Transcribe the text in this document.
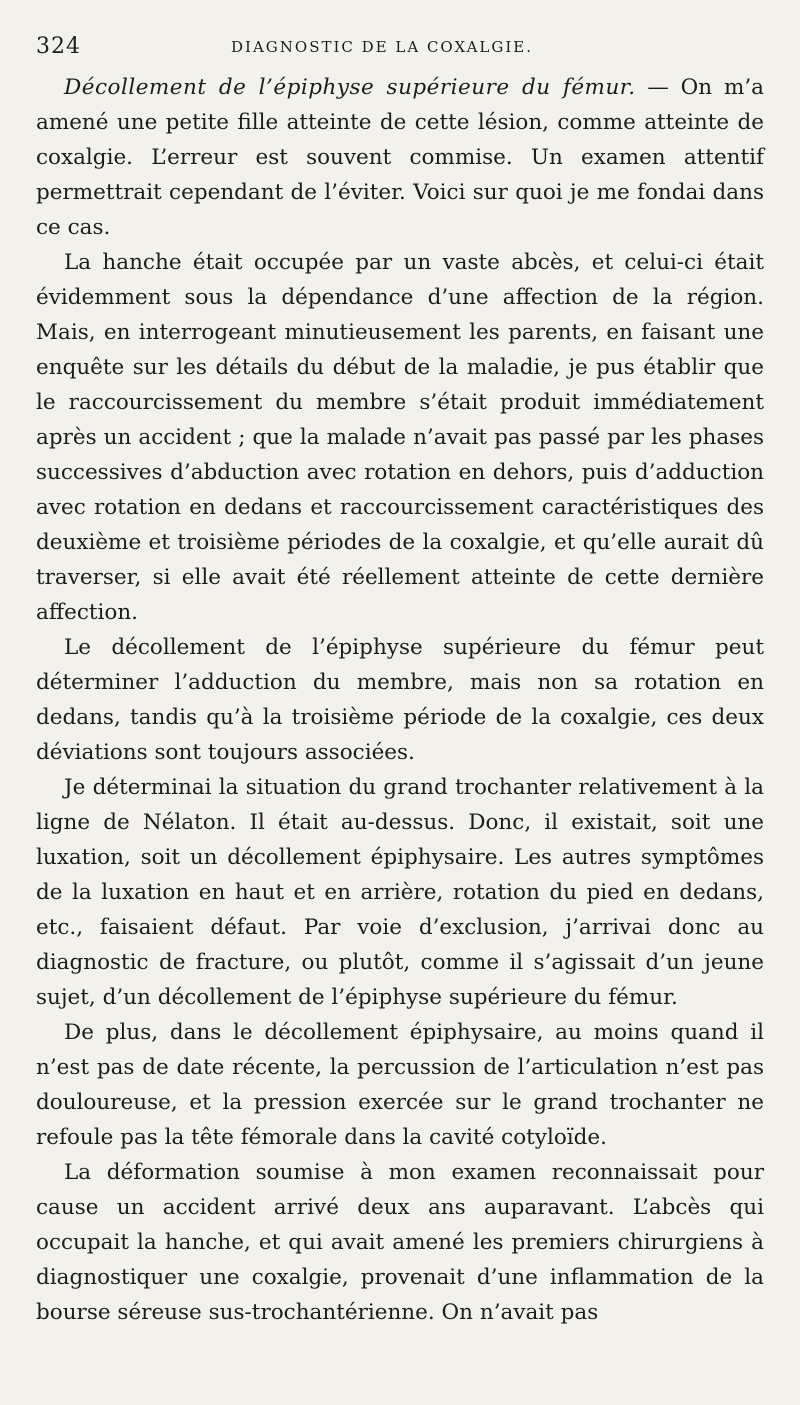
324	DIAGNOSTIC DE LA COXALGIE.

Décollement de l’épiphyse supérieure du fémur. — On m’a amené une petite fille atteinte de cette lésion, comme atteinte de coxalgie. L’erreur est souvent commise. Un examen attentif permettrait cependant de l’éviter. Voici sur quoi je me fondai dans ce cas.

La hanche était occupée par un vaste abcès, et celui-ci était évidemment sous la dépendance d’une affection de la région. Mais, en interrogeant minutieusement les parents, en faisant une enquête sur les détails du début de la maladie, je pus établir que le raccourcissement du membre s’était produit immédiatement après un accident ; que la malade n’avait pas passé par les phases successives d’abduction avec rotation en dehors, puis d’adduction avec rotation en dedans et raccourcissement caractéristiques des deuxième et troisième périodes de la coxalgie, et qu’elle aurait dû traverser, si elle avait été réellement atteinte de cette dernière affection.

Le décollement de l’épiphyse supérieure du fémur peut déterminer l’adduction du membre, mais non sa rotation en dedans, tandis qu’à la troisième période de la coxalgie, ces deux déviations sont toujours associées.

Je déterminai la situation du grand trochanter relativement à la ligne de Nélaton. Il était au-dessus. Donc, il existait, soit une luxation, soit un décollement épiphysaire. Les autres symptômes de la luxation en haut et en arrière, rotation du pied en dedans, etc., faisaient défaut. Par voie d’exclusion, j’arrivai donc au diagnostic de fracture, ou plutôt, comme il s’agissait d’un jeune sujet, d’un décollement de l’épiphyse supérieure du fémur.

De plus, dans le décollement épiphysaire, au moins quand il n’est pas de date récente, la percussion de l’articulation n’est pas douloureuse, et la pression exercée sur le grand trochanter ne refoule pas la tête fémorale dans la cavité cotyloïde.

La déformation soumise à mon examen reconnaissait pour cause un accident arrivé deux ans auparavant. L’abcès qui occupait la hanche, et qui avait amené les premiers chirurgiens à diagnostiquer une coxalgie, provenait d’une inflammation de la bourse séreuse sus-trochantérienne. On n’avait pas
